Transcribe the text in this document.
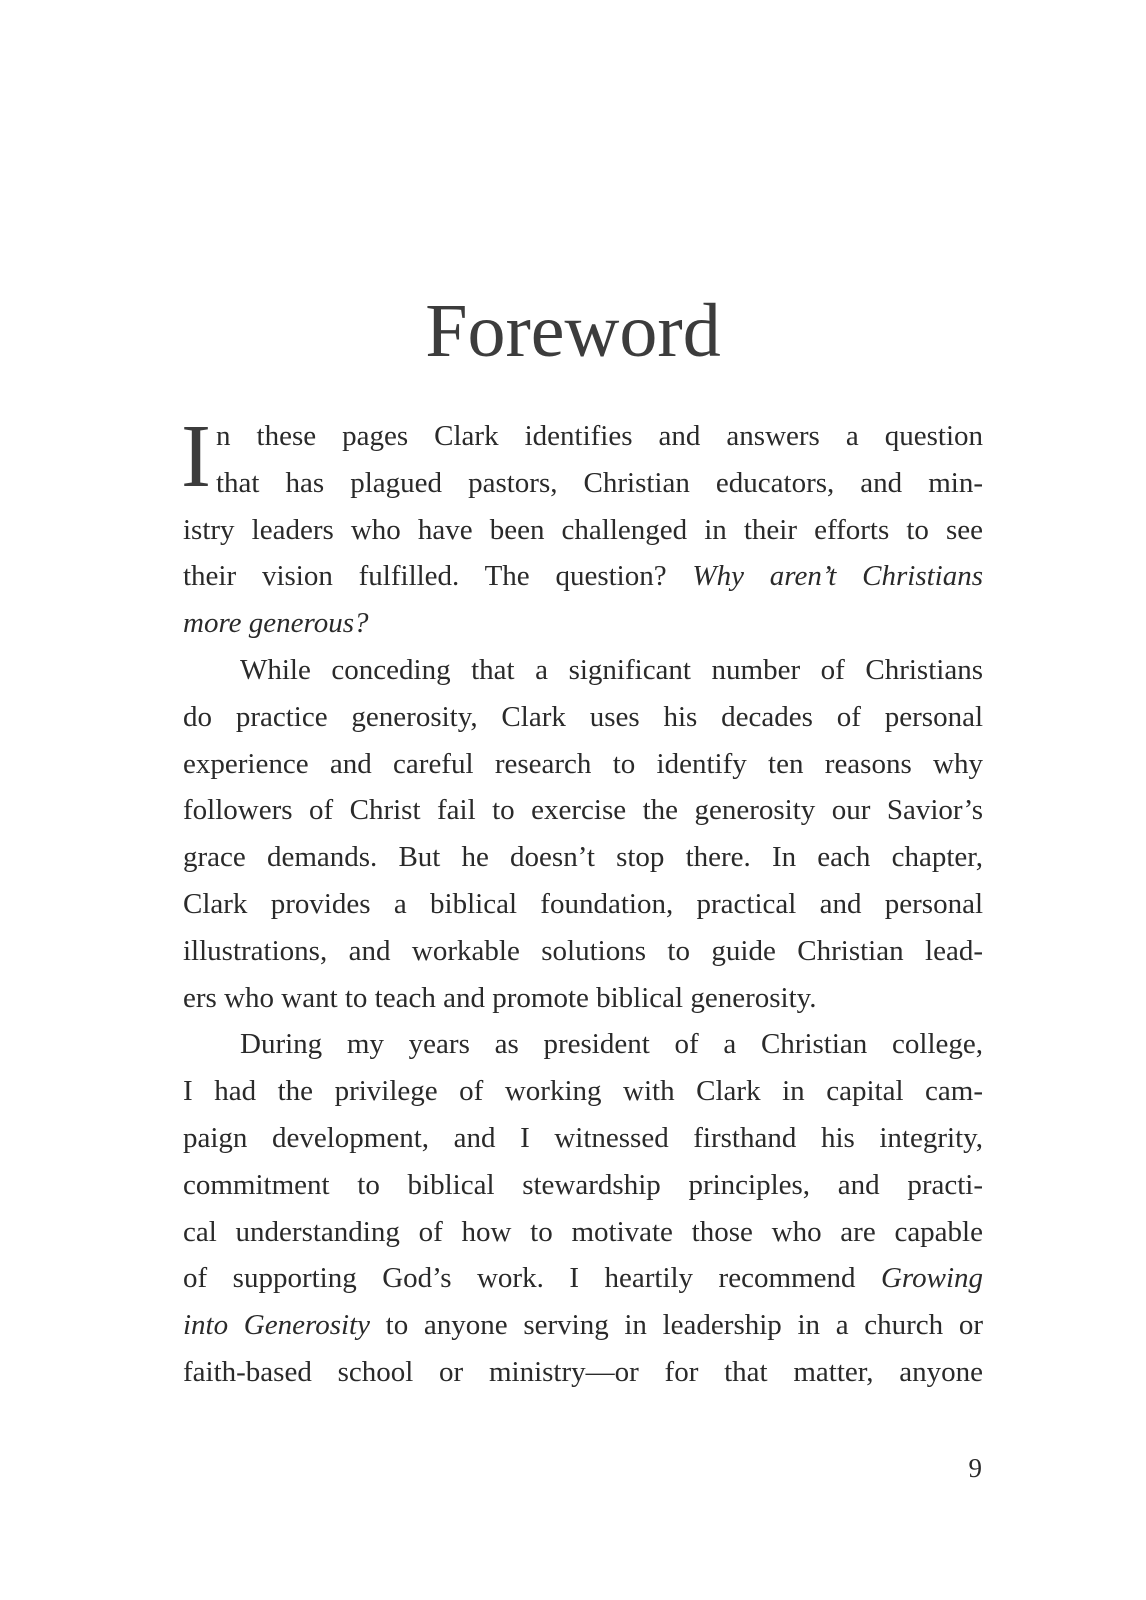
Foreword
I n these pages Clark identifies and answers a question
that has plagued pastors, Christian educators, and min-
istry leaders who have been challenged in their efforts to see
their vision fulfilled. The question? Why aren’t Christians
more generous?
While conceding that a significant number of Christians
do practice generosity, Clark uses his decades of personal
experience and careful research to identify ten reasons why
followers of Christ fail to exercise the generosity our Savior’s
grace demands. But he doesn’t stop there. In each chapter,
Clark provides a biblical foundation, practical and personal
illustrations, and workable solutions to guide Christian lead-
ers who want to teach and promote biblical generosity.
During my years as president of a Christian college,
I had the privilege of working with Clark in capital cam-
paign development, and I witnessed firsthand his integrity,
commitment to biblical stewardship principles, and practi-
cal understanding of how to motivate those who are capable
of supporting God’s work. I heartily recommend Growing
into Generosity to anyone serving in leadership in a church or
faith-based school or ministry—or for that matter, anyone
9
